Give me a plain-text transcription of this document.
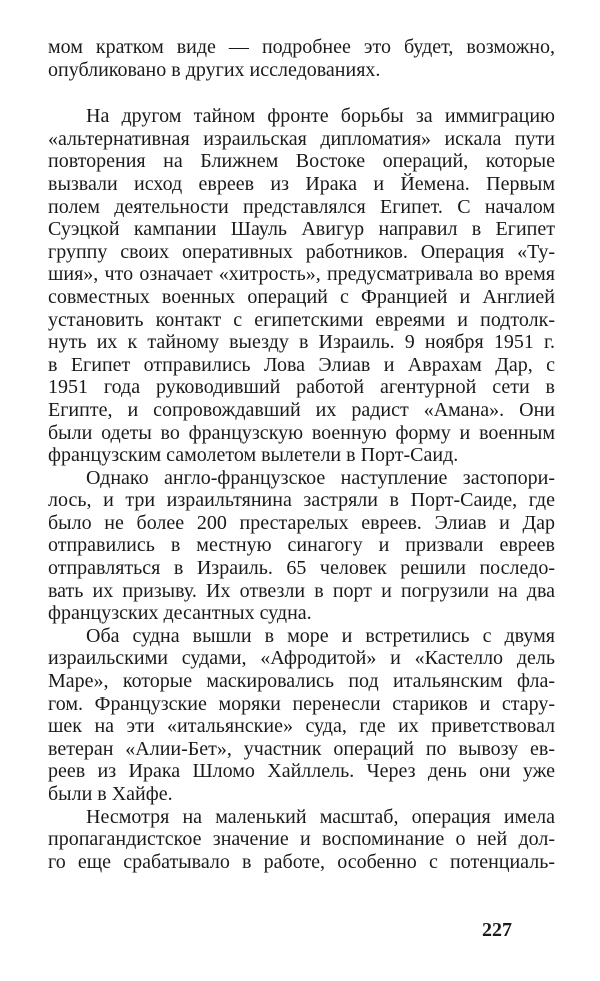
мом кратком виде — подробнее это будет, возможно,
опубликовано в других исследованиях.
На другом тайном фронте борьбы за иммиграцию
«альтернативная израильская дипломатия» искала пути
повторения на Ближнем Востоке операций, которые
вызвали исход евреев из Ирака и Йемена. Первым
полем деятельности представлялся Египет. С началом
Суэцкой кампании Шауль Авигур направил в Египет
группу своих оперативных работников. Операция «Ту-
шия», что означает «хитрость», предусматривала во время
совместных военных операций с Францией и Англией
установить контакт с египетскими евреями и подтолк-
нуть их к тайному выезду в Израиль. 9 ноября 1951 г.
в Египет отправились Лова Элиав и Аврахам Дар, с
1951 года руководивший работой агентурной сети в
Египте, и сопровождавший их радист «Амана». Они
были одеты во французскую военную форму и военным
французским самолетом вылетели в Порт-Саид.
Однако англо-французское наступление застопори-
лось, и три израильтянина застряли в Порт-Саиде, где
было не более 200 престарелых евреев. Элиав и Дар
отправились в местную синагогу и призвали евреев
отправляться в Израиль. 65 человек решили последо-
вать их призыву. Их отвезли в порт и погрузили на два
французских десантных судна.
Оба судна вышли в море и встретились с двумя
израильскими судами, «Афродитой» и «Кастелло дель
Маре», которые маскировались под итальянским фла-
гом. Французские моряки перенесли стариков и стару-
шек на эти «итальянские» суда, где их приветствовал
ветеран «Алии-Бет», участник операций по вывозу ев-
реев из Ирака Шломо Хайллель. Через день они уже
были в Хайфе.
Несмотря на маленький масштаб, операция имела
пропагандистское значение и воспоминание о ней дол-
го еще срабатывало в работе, особенно с потенциаль-
227
